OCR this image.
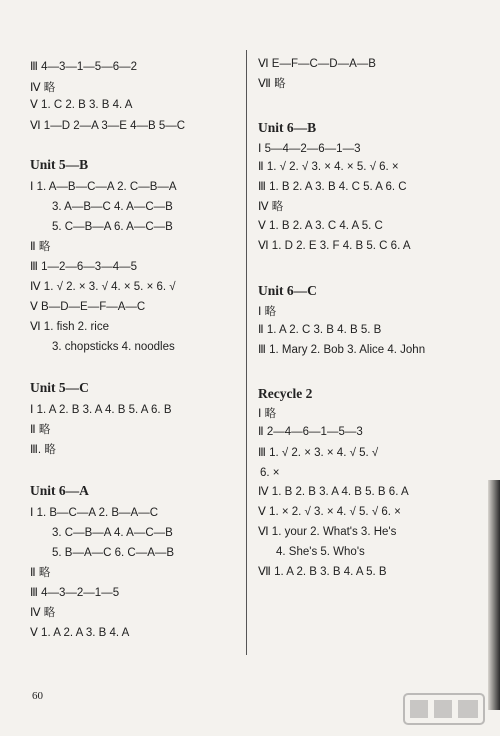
Ⅲ 4—3—1—5—6—2
Ⅳ 略
Ⅴ 1. C 2. B 3. B 4. A
Ⅵ 1—D 2—A 3—E 4—B 5—C
Unit 5—B
Ⅰ 1. A—B—C—A 2. C—B—A
3. A—B—C 4. A—C—B
5. C—B—A 6. A—C—B
Ⅱ 略
Ⅲ 1—2—6—3—4—5
Ⅳ 1. √ 2. × 3. √ 4. × 5. × 6. √
Ⅴ B—D—E—F—A—C
Ⅵ 1. fish 2. rice
3. chopsticks 4. noodles
Unit 5—C
Ⅰ 1. A 2. B 3. A 4. B 5. A 6. B
Ⅱ 略
Ⅲ. 略
Unit 6—A
Ⅰ 1. B—C—A 2. B—A—C
3. C—B—A 4. A—C—B
5. B—A—C 6. C—A—B
Ⅱ 略
Ⅲ 4—3—2—1—5
Ⅳ 略
Ⅴ 1. A 2. A 3. B 4. A
Ⅵ E—F—C—D—A—B
Ⅶ 略
Unit 6—B
Ⅰ 5—4—2—6—1—3
Ⅱ 1. √ 2. √ 3. × 4. × 5. √ 6. ×
Ⅲ 1. B 2. A 3. B 4. C 5. A 6. C
Ⅳ 略
Ⅴ 1. B 2. A 3. C 4. A 5. C
Ⅵ 1. D 2. E 3. F 4. B 5. C 6. A
Unit 6—C
Ⅰ 略
Ⅱ 1. A 2. C 3. B 4. B 5. B
Ⅲ 1. Mary 2. Bob 3. Alice 4. John
Recycle 2
Ⅰ 略
Ⅱ 2—4—6—1—5—3
Ⅲ 1. √ 2. × 3. × 4. √ 5. √
6. ×
Ⅳ 1. B 2. B 3. A 4. B 5. B 6. A
Ⅴ 1. × 2. √ 3. × 4. √ 5. √ 6. ×
Ⅵ 1. your 2. What's 3. He's
4. She's 5. Who's
Ⅶ 1. A 2. B 3. B 4. A 5. B
60
